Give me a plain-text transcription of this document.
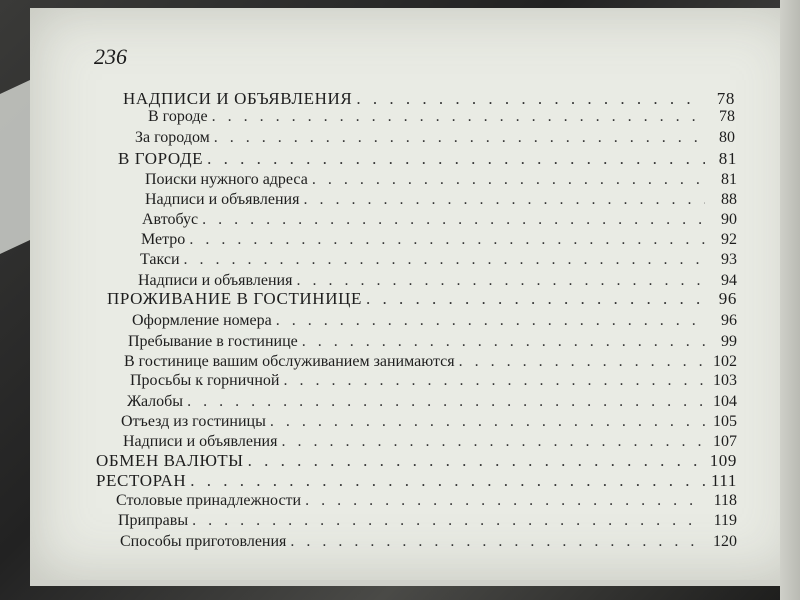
236
НАДПИСИ И ОБЪЯВЛЕНИЯ . . .	78
В городе . . .	78
За городом . . .	80
В ГОРОДЕ . . .	81
Поиски нужного адреса . . .	81
Надписи и объявления . . .	88
Автобус . . .	90
Метро . . .	92
Такси . . .	93
Надписи и объявления . . .	94
ПРОЖИВАНИЕ В ГОСТИНИЦЕ . . .	96
Оформление номера . . .	96
Пребывание в гостинице . . .	99
В гостинице вашим обслуживанием занимаются . . .	102
Просьбы к горничной . . .	103
Жалобы . . .	104
Отъезд из гостиницы . . .	105
Надписи и объявления . . .	107
ОБМЕН ВАЛЮТЫ . . .	109
РЕСТОРАН . . .	111
Столовые принадлежности . . .	118
Приправы . . .	119
Способы приготовления . . .	120
